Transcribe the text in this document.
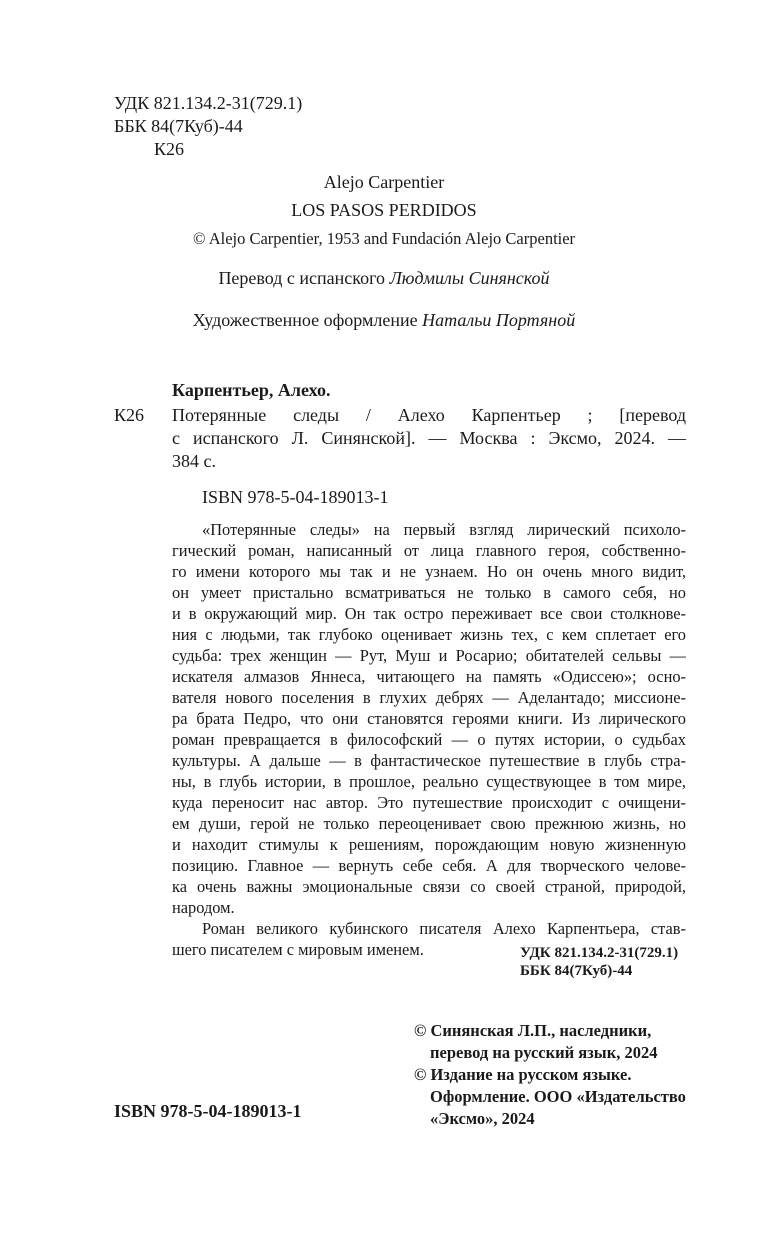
УДК 821.134.2-31(729.1)
ББК 84(7Куб)-44
К26
Alejo Carpentier
LOS PASOS PERDIDOS
© Alejo Carpentier, 1953 and Fundación Alejo Carpentier
Перевод с испанского Людмилы Синянской
Художественное оформление Натальи Портяной
Карпентьер, Алехо.
К26 Потерянные следы / Алехо Карпентьер ; [перевод
с испанского Л. Синянской]. — Москва : Эксмо, 2024. —
384 с.
ISBN 978-5-04-189013-1
«Потерянные следы» на первый взгляд лирический психоло-
гический роман, написанный от лица главного героя, собственно-
го имени которого мы так и не узнаем. Но он очень много видит,
он умеет пристально всматриваться не только в самого себя, но
и в окружающий мир. Он так остро переживает все свои столкнове-
ния с людьми, так глубоко оценивает жизнь тех, с кем сплетает его
судьба: трех женщин — Рут, Муш и Росарио; обитателей сельвы —
искателя алмазов Яннеса, читающего на память «Одиссею»; осно-
вателя нового поселения в глухих дебрях — Аделантадо; миссионе-
ра брата Педро, что они становятся героями книги. Из лирического
роман превращается в философский — о путях истории, о судьбах
культуры. А дальше — в фантастическое путешествие в глубь стра-
ны, в глубь истории, в прошлое, реально существующее в том мире,
куда переносит нас автор. Это путешествие происходит с очищени-
ем души, герой не только переоценивает свою прежнюю жизнь, но
и находит стимулы к решениям, порождающим новую жизненную
позицию. Главное — вернуть себе себя. А для творческого челове-
ка очень важны эмоциональные связи со своей страной, природой,
народом.
Роман великого кубинского писателя Алехо Карпентьера, став-
шего писателем с мировым именем.	УДК 821.134.2-31(729.1)
ББК 84(7Куб)-44
ISBN 978-5-04-189013-1
© Синянская Л.П., наследники,
перевод на русский язык, 2024
© Издание на русском языке.
Оформление. ООО «Издательство
«Эксмо», 2024
